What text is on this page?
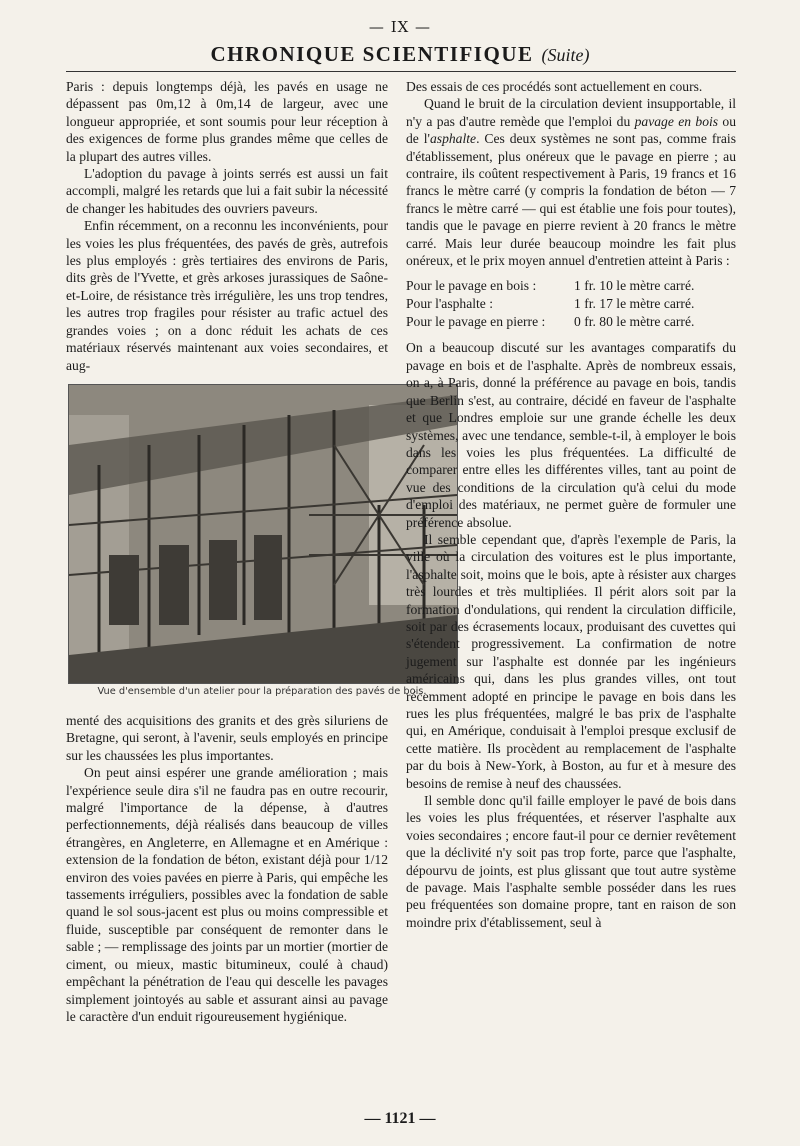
— IX —
CHRONIQUE SCIENTIFIQUE (Suite)

Paris : depuis longtemps déjà, les pavés en usage ne dépassent pas 0m,12 à 0m,14 de largeur, avec une longueur appropriée, et sont soumis pour leur réception à des exigences de forme plus grandes même que celles de la plupart des autres villes.

L'adoption du pavage à joints serrés est aussi un fait accompli, malgré les retards que lui a fait subir la nécessité de changer les habitudes des ouvriers paveurs.

Enfin récemment, on a reconnu les inconvénients, pour les voies les plus fréquentées, des pavés de grès, autrefois les plus employés : grès tertiaires des environs de Paris, dits grès de l'Yvette, et grès arkoses jurassiques de Saône-et-Loire, de résistance très irrégulière, les uns trop tendres, les autres trop fragiles pour résister au trafic actuel des grandes voies ; on a donc réduit les achats de ces matériaux réservés maintenant aux voies secondaires, et aug-

Vue d'ensemble d'un atelier pour la préparation des pavés de bois.

menté des acquisitions des granits et des grès siluriens de Bretagne, qui seront, à l'avenir, seuls employés en principe sur les chaussées les plus importantes.

On peut ainsi espérer une grande amélioration ; mais l'expérience seule dira s'il ne faudra pas en outre recourir, malgré l'importance de la dépense, à d'autres perfectionnements, déjà réalisés dans beaucoup de villes étrangères, en Angleterre, en Allemagne et en Amérique : extension de la fondation de béton, existant déjà pour 1/12 environ des voies pavées en pierre à Paris, qui empêche les tassements irréguliers, possibles avec la fondation de sable quand le sol sous-jacent est plus ou moins compressible et fluide, susceptible par conséquent de remonter dans le sable ; — remplissage des joints par un mortier (mortier de ciment, ou mieux, mastic bitumineux, coulé à chaud) empêchant la pénétration de l'eau qui descelle les pavages simplement jointoyés au sable et assurant ainsi au pavage le caractère d'un enduit rigoureusement hygiénique.

Des essais de ces procédés sont actuellement en cours.

Quand le bruit de la circulation devient insupportable, il n'y a pas d'autre remède que l'emploi du pavage en bois ou de l'asphalte. Ces deux systèmes ne sont pas, comme frais d'établissement, plus onéreux que le pavage en pierre ; au contraire, ils coûtent respectivement à Paris, 19 francs et 16 francs le mètre carré (y compris la fondation de béton — 7 francs le mètre carré — qui est établie une fois pour toutes), tandis que le pavage en pierre revient à 20 francs le mètre carré. Mais leur durée beaucoup moindre les fait plus onéreux, et le prix moyen annuel d'entretien atteint à Paris :

Pour le pavage en bois :	1 fr. 10 le mètre carré.
Pour l'asphalte :	1 fr. 17 le mètre carré.
Pour le pavage en pierre :	0 fr. 80 le mètre carré.

On a beaucoup discuté sur les avantages comparatifs du pavage en bois et de l'asphalte. Après de nombreux essais, on a, à Paris, donné la préférence au pavage en bois, tandis que Berlin s'est, au contraire, décidé en faveur de l'asphalte et que Londres emploie sur une grande échelle les deux systèmes, avec une tendance, semble-t-il, à employer le bois dans les voies les plus fréquentées. La difficulté de comparer entre elles les différentes villes, tant au point de vue des conditions de la circulation qu'à celui du mode d'emploi des matériaux, ne permet guère de formuler une préférence absolue.

Il semble cependant que, d'après l'exemple de Paris, la ville où la circulation des voitures est le plus importante, l'asphalte soit, moins que le bois, apte à résister aux charges très lourdes et très multipliées. Il périt alors soit par la formation d'ondulations, qui rendent la circulation difficile, soit par des écrasements locaux, produisant des cuvettes qui s'étendent progressivement. La confirmation de notre jugement sur l'asphalte est donnée par les ingénieurs américains qui, dans les plus grandes villes, ont tout récemment adopté en principe le pavage en bois dans les rues les plus fréquentées, malgré le bas prix de l'asphalte qui, en Amérique, conduisait à l'emploi presque exclusif de cette matière. Ils procèdent au remplacement de l'asphalte par du bois à New-York, à Boston, au fur et à mesure des besoins de remise à neuf des chaussées.

Il semble donc qu'il faille employer le pavé de bois dans les voies les plus fréquentées, et réserver l'asphalte aux voies secondaires ; encore faut-il pour ce dernier revêtement que la déclivité n'y soit pas trop forte, parce que l'asphalte, dépourvu de joints, est plus glissant que tout autre système de pavage. Mais l'asphalte semble posséder dans les rues peu fréquentées son domaine propre, tant en raison de son moindre prix d'établissement, seul à

— 1121 —
